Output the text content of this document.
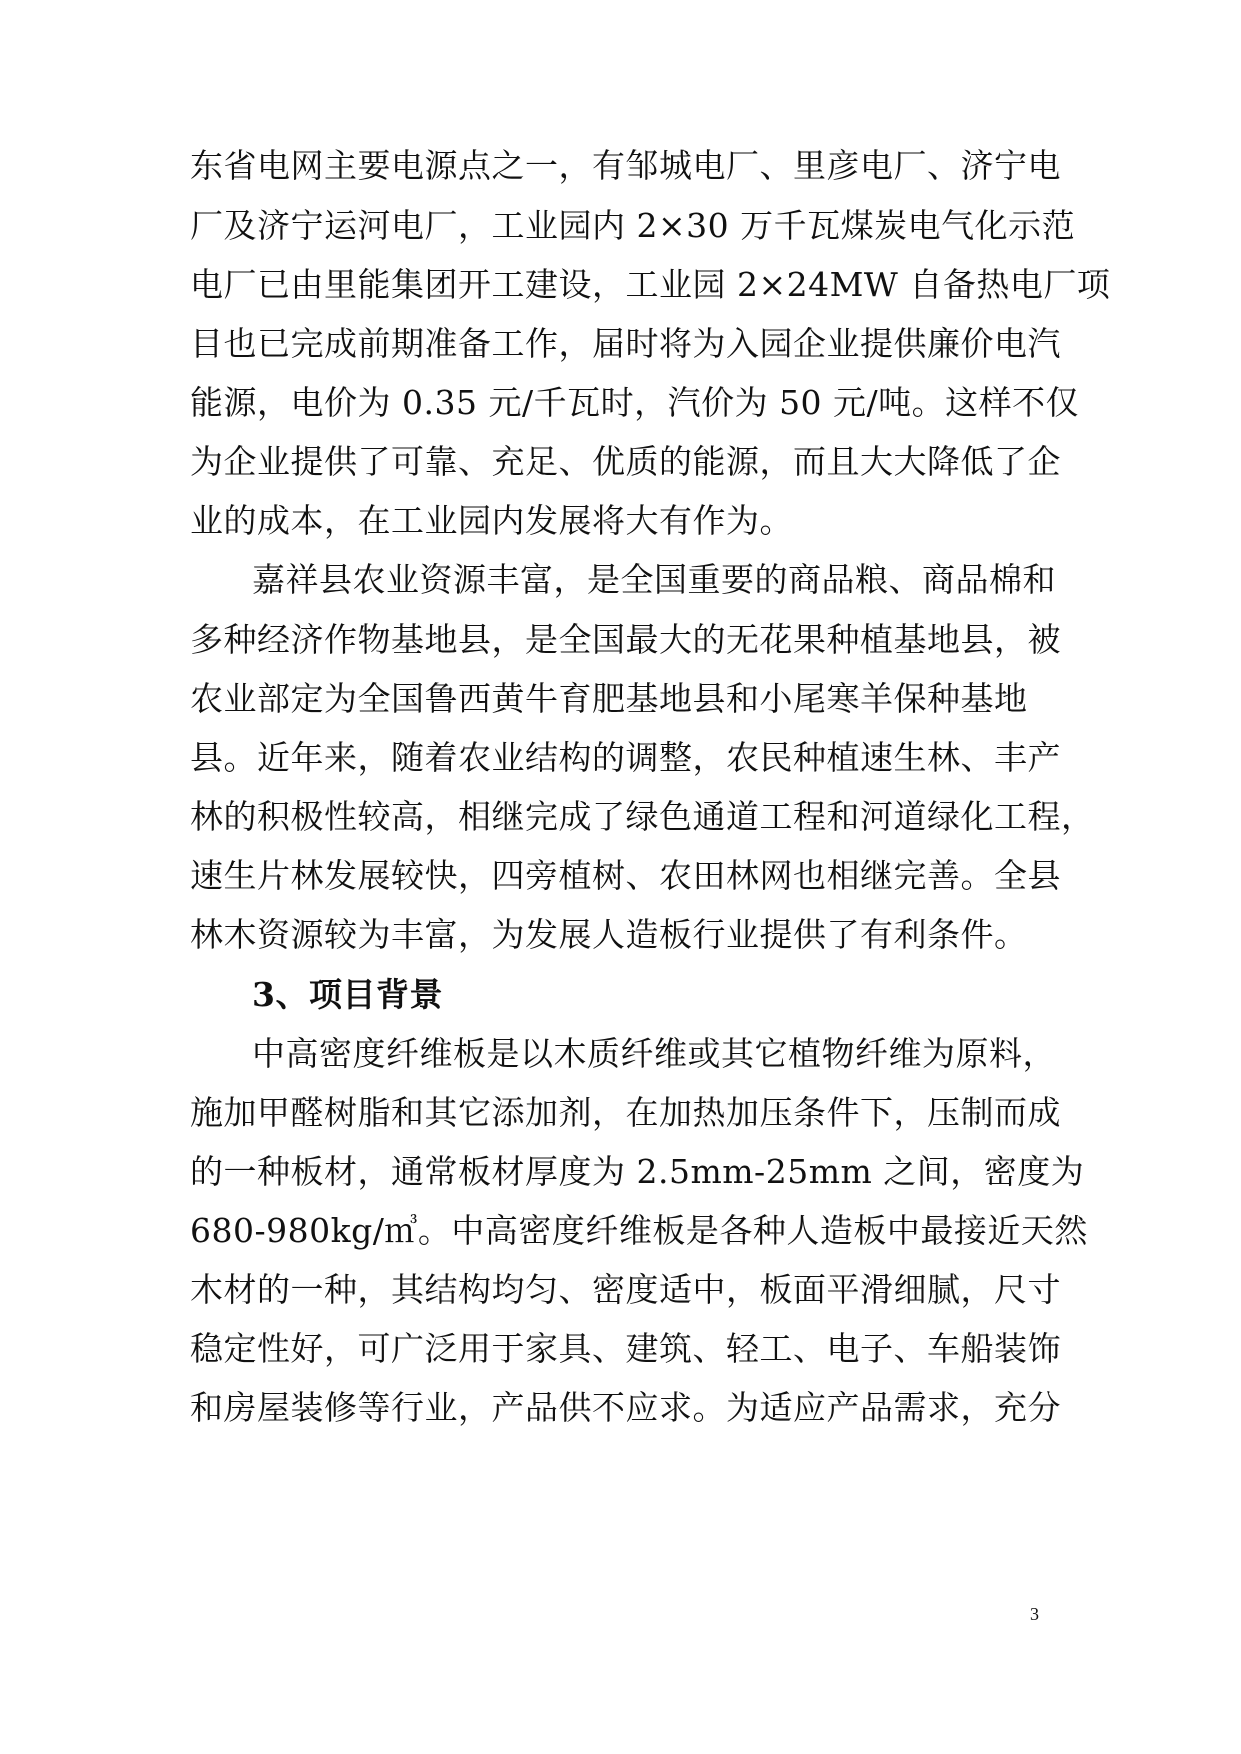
东省电网主要电源点之一，有邹城电厂、里彦电厂、济宁电
厂及济宁运河电厂，工业园内 2×30 万千瓦煤炭电气化示范
电厂已由里能集团开工建设，工业园 2×24MW 自备热电厂项
目也已完成前期准备工作，届时将为入园企业提供廉价电汽
能源，电价为 0.35 元/千瓦时，汽价为 50 元/吨。这样不仅
为企业提供了可靠、充足、优质的能源，而且大大降低了企
业的成本，在工业园内发展将大有作为。
嘉祥县农业资源丰富，是全国重要的商品粮、商品棉和
多种经济作物基地县，是全国最大的无花果种植基地县，被
农业部定为全国鲁西黄牛育肥基地县和小尾寒羊保种基地
县。近年来，随着农业结构的调整，农民种植速生林、丰产
林的积极性较高，相继完成了绿色通道工程和河道绿化工程，
速生片林发展较快，四旁植树、农田林网也相继完善。全县
林木资源较为丰富，为发展人造板行业提供了有利条件。
3、项目背景
中高密度纤维板是以木质纤维或其它植物纤维为原料，
施加甲醛树脂和其它添加剂，在加热加压条件下，压制而成
的一种板材，通常板材厚度为 2.5mm-25mm 之间，密度为
680-980kg/㎥。中高密度纤维板是各种人造板中最接近天然
木材的一种，其结构均匀、密度适中，板面平滑细腻，尺寸
稳定性好，可广泛用于家具、建筑、轻工、电子、车船装饰
和房屋装修等行业，产品供不应求。为适应产品需求，充分
3
